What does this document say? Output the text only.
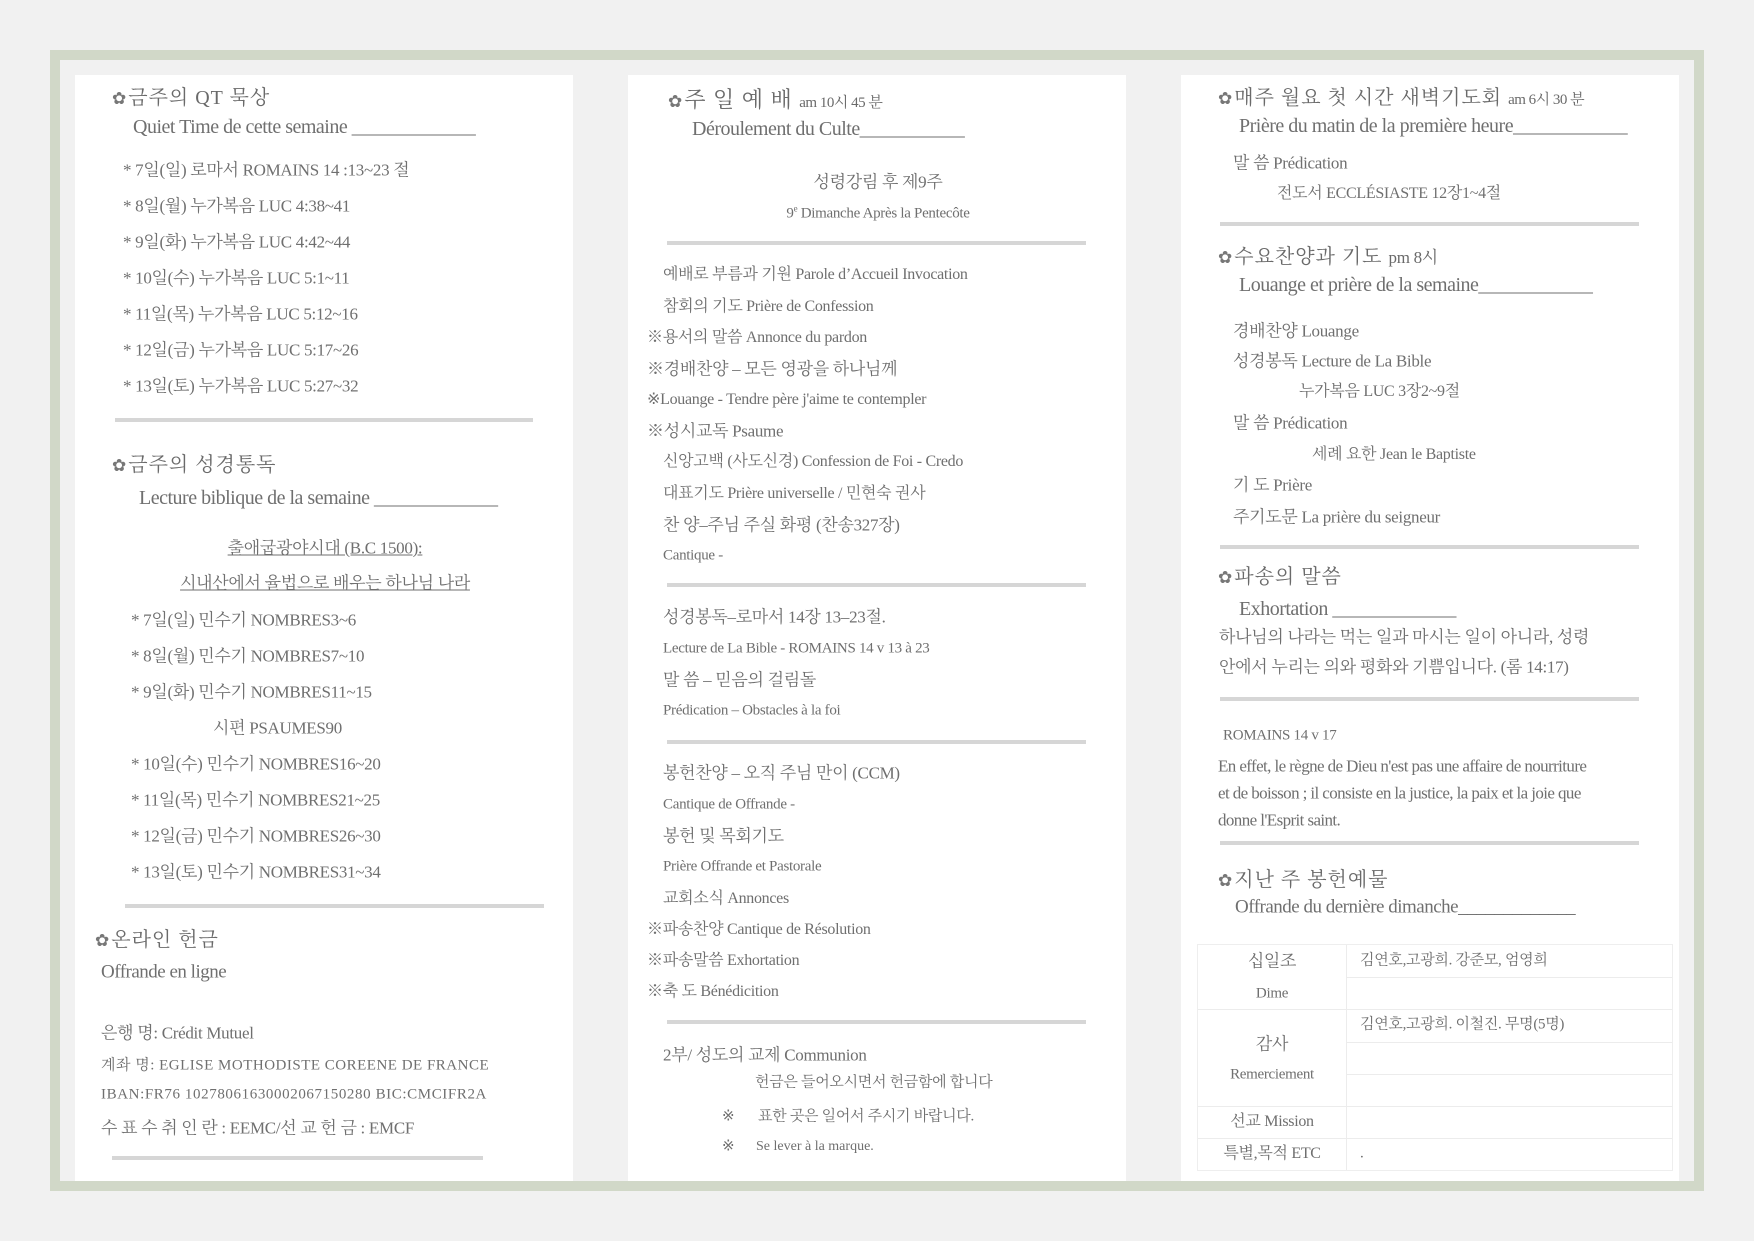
✿금주의 QT 묵상
Quiet Time de cette semaine _____________
* 7일(일) 로마서 ROMAINS 14 :13~23 절
* 8일(월) 누가복음 LUC 4:38~41
* 9일(화) 누가복음 LUC 4:42~44
* 10일(수) 누가복음 LUC 5:1~11
* 11일(목) 누가복음 LUC 5:12~16
* 12일(금) 누가복음 LUC 5:17~26
* 13일(토) 누가복음 LUC 5:27~32
✿금주의 성경통독
Lecture biblique de la semaine _____________
출애굽광야시대 (B.C 1500):
시내산에서 율법으로 배우는 하나님 나라
* 7일(일) 민수기 NOMBRES3~6
* 8일(월) 민수기 NOMBRES7~10
* 9일(화) 민수기 NOMBRES11~15
시편 PSAUMES90
* 10일(수) 민수기 NOMBRES16~20
* 11일(목) 민수기 NOMBRES21~25
* 12일(금) 민수기 NOMBRES26~30
* 13일(토) 민수기 NOMBRES31~34
✿온라인 헌금
Offrande en ligne
은행 명: Crédit Mutuel
계좌 명: EGLISE MOTHODISTE COREENE DE FRANCE
IBAN:FR76 10278061630002067150280 BIC:CMCIFR2A
수 표 수 취 인 란 : EEMC/선 교 헌 금 : EMCF
✿주 일 예 배 am 10시 45 분
Déroulement du Culte___________
성령강림 후 제9주
9e Dimanche Après la Pentecôte
예배로 부름과 기원 Parole d’Accueil Invocation
참회의 기도 Prière de Confession
※용서의 말씀 Annonce du pardon
※경배찬양 – 모든 영광을 하나님께
※Louange - Tendre père j'aime te contempler
※성시교독 Psaume
신앙고백 (사도신경) Confession de Foi - Credo
대표기도 Prière universelle / 민현숙 권사
찬 양–주님 주실 화평 (찬송327장)
Cantique -
성경봉독–로마서 14장 13–23절.
Lecture de La Bible - ROMAINS 14 v 13 à 23
말 씀 – 믿음의 걸림돌
Prédication – Obstacles à la foi
봉헌찬양 – 오직 주님 만이 (CCM)
Cantique de Offrande -
봉헌 및 목회기도
Prière Offrande et Pastorale
교회소식 Annonces
※파송찬양 Cantique de Résolution
※파송말씀 Exhortation
※축 도 Bénédicition
2부/ 성도의 교제 Communion
헌금은 들어오시면서 헌금함에 합니다
※ 표한 곳은 일어서 주시기 바랍니다.
※ Se lever à la marque.
✿매주 월요 첫 시간 새벽기도회 am 6시 30 분
Prière du matin de la première heure____________
말 씀 Prédication
전도서 ECCLÉSIASTE 12장1~4절
✿수요찬양과 기도 pm 8시
Louange et prière de la semaine____________
경배찬양 Louange
성경봉독 Lecture de La Bible
누가복음 LUC 3장2~9절
말 씀 Prédication
세례 요한 Jean le Baptiste
기 도 Prière
주기도문 La prière du seigneur
✿파송의 말씀
Exhortation _____________
하나님의 나라는 먹는 일과 마시는 일이 아니라, 성령
안에서 누리는 의와 평화와 기쁨입니다. (롬 14:17)
ROMAINS 14 v 17
En effet, le règne de Dieu n'est pas une affaire de nourriture
et de boisson ; il consiste en la justice, la paix et la joie que
donne l'Esprit saint.
✿지난 주 봉헌예물
Offrande du dernière dimanche_____________
십일조
Dime
김연호,고광희. 강준모, 엄영희
감사
Remerciement
김연호,고광희. 이철진. 무명(5명)
선교 Mission
특별,목적 ETC	.
